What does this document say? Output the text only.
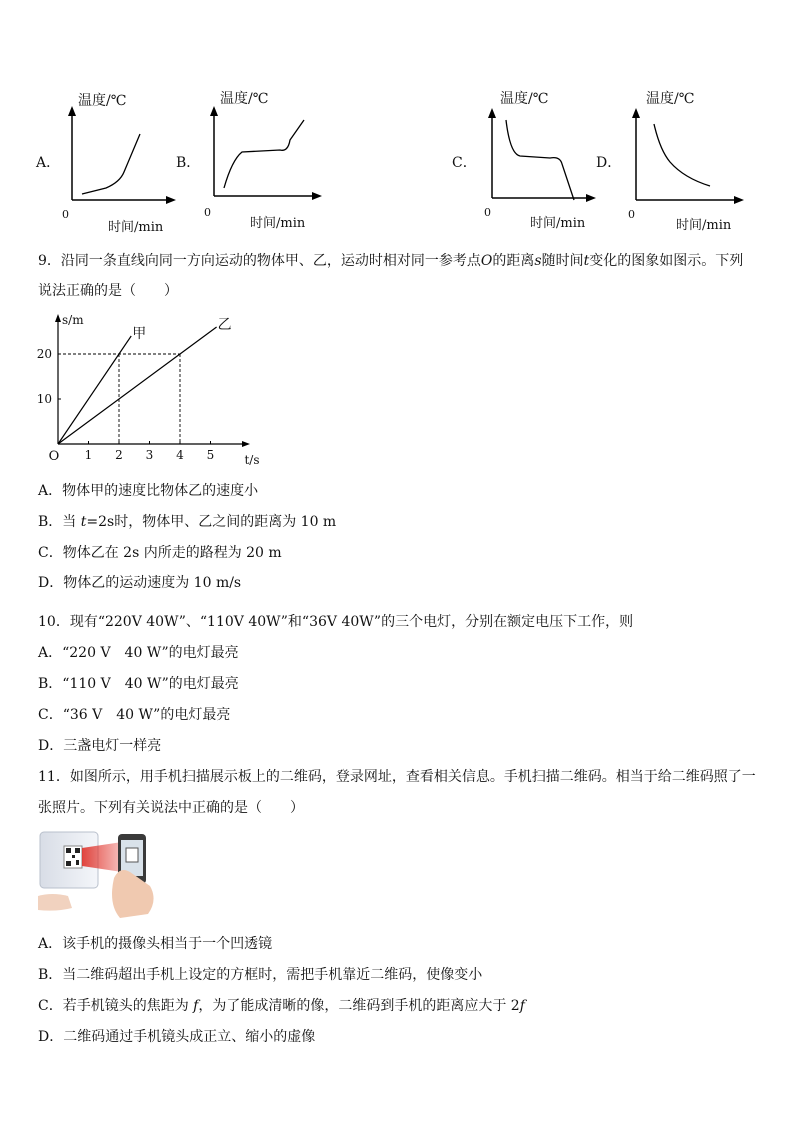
A．
温度/℃
0
时间/min
B．
温度/℃
0
时间/min
C．
温度/℃
0
时间/min
D．
温度/℃
0
时间/min
9．沿同一条直线向同一方向运动的物体甲、乙，运动时相对同一参考点O的距离s随时间t变化的图象如图示。下列
说法正确的是（　　）
s/m
t/s
O 1 2 3 4 5
10
20
甲
乙
A．物体甲的速度比物体乙的速度小
B．当 t=2s时，物体甲、乙之间的距离为 10 m
C．物体乙在 2s 内所走的路程为 20 m
D．物体乙的运动速度为 10 m/s
10．现有“220V 40W”、“110V 40W”和“36V 40W”的三个电灯，分别在额定电压下工作，则
A．“220 V　40 W”的电灯最亮
B．“110 V　40 W”的电灯最亮
C．“36 V　40 W”的电灯最亮
D．三盏电灯一样亮
11．如图所示，用手机扫描展示板上的二维码，登录网址，查看相关信息。手机扫描二维码。相当于给二维码照了一
张照片。下列有关说法中正确的是（　　）
A．该手机的摄像头相当于一个凹透镜
B．当二维码超出手机上设定的方框时，需把手机靠近二维码，使像变小
C．若手机镜头的焦距为 f，为了能成清晰的像，二维码到手机的距离应大于 2f
D．二维码通过手机镜头成正立、缩小的虚像
